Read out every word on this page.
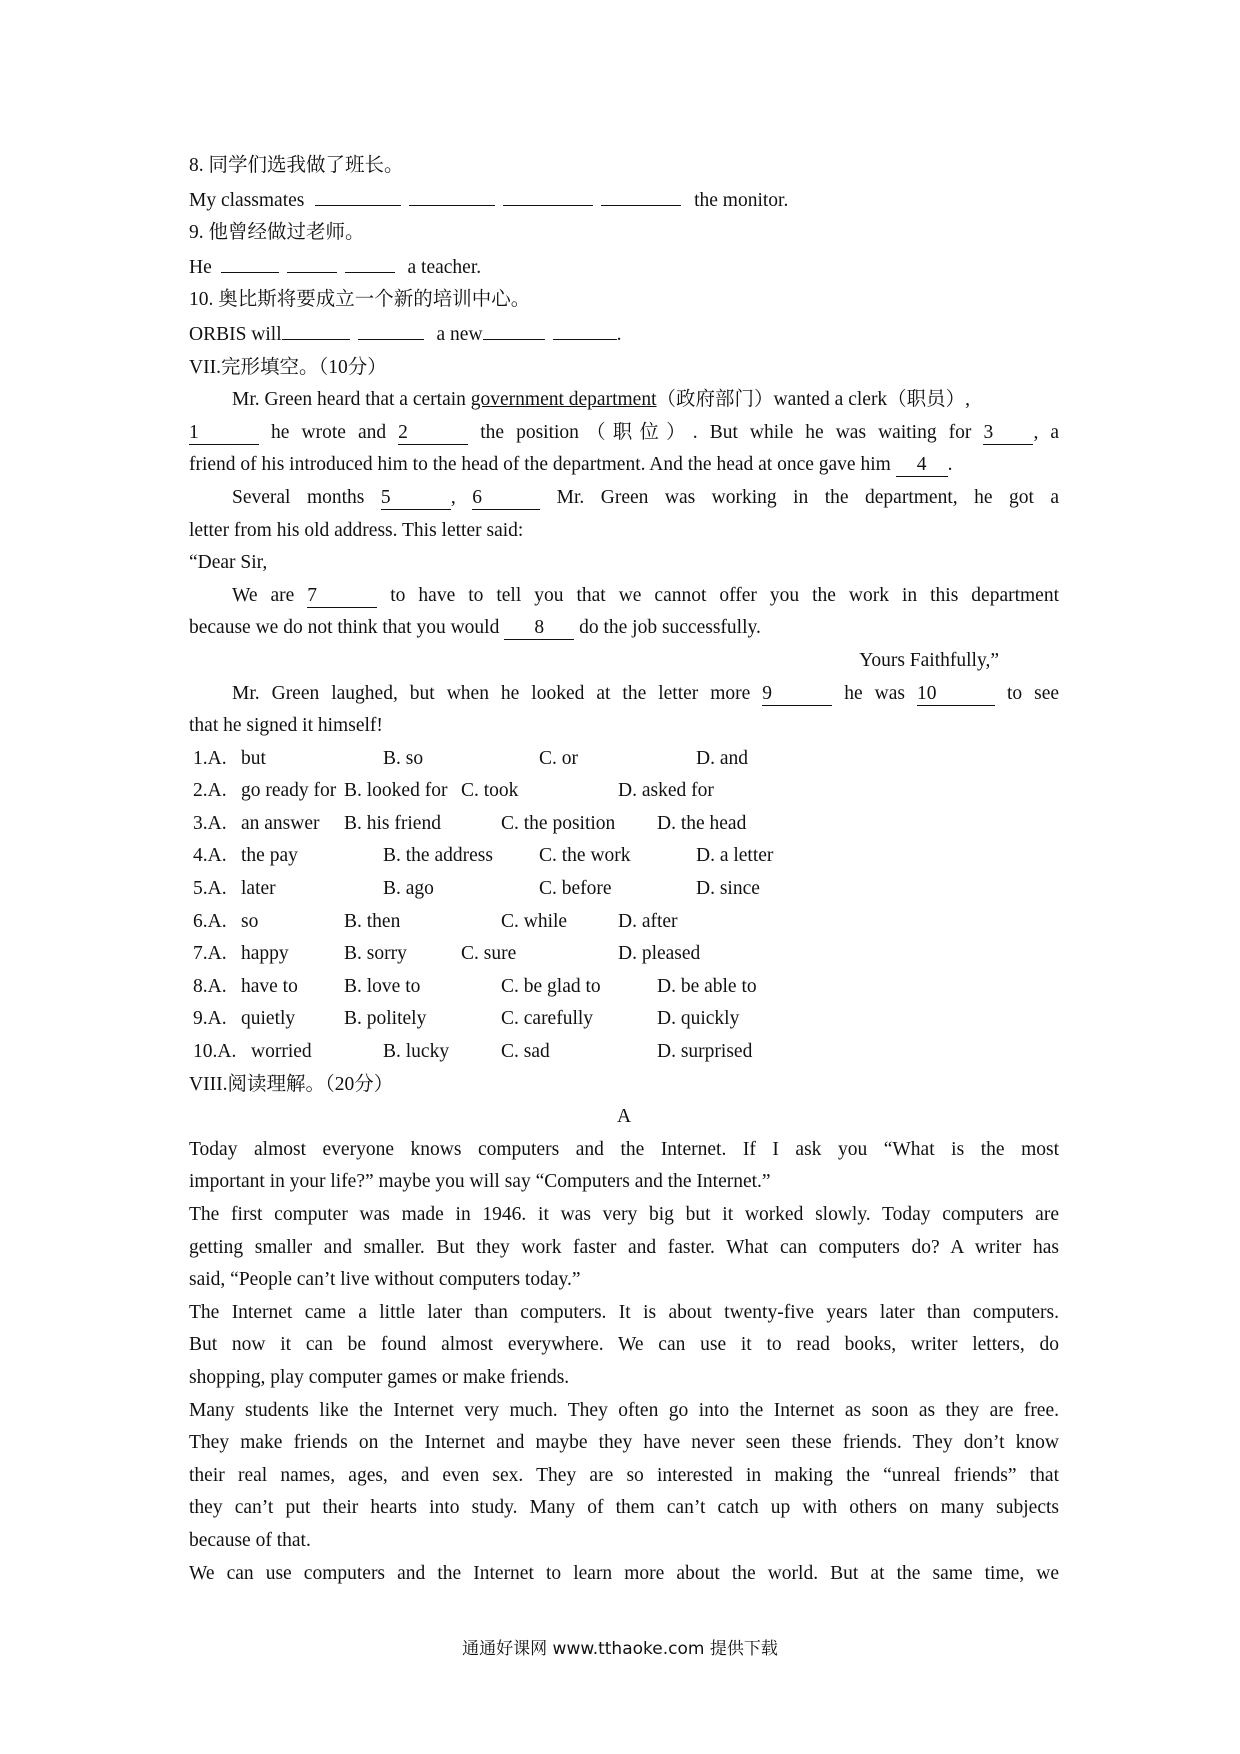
8. 同学们选我做了班长。
My classmates	the monitor.
9. 他曾经做过老师。
He	a teacher.
10. 奥比斯将要成立一个新的培训中心。
ORBIS will	a new	.
VII.完形填空。（10分）
Mr. Green heard that a certain government department（政府部门）wanted a clerk（职员）,
1	he wrote and 2	the position（职位）. But while he was waiting for 3 , a
friend of his introduced him to the head of the department. And the head at once gave him 4 .
Several months 5	, 6	Mr. Green was working in the department, he got a
letter from his old address. This letter said:
“Dear Sir,
We are 7	to have to tell you that we cannot offer you the work in this department
because we do not think that you would 8 do the job successfully.
Yours Faithfully,”
Mr. Green laughed, but when he looked at the letter more 9	he was 10	to see
that he signed it himself!
1.A. but	B. so	C. or	D. and
2.A. go ready for B. looked for C. took	D. asked for
3.A. an answer B. his friend	C. the position D. the head
4.A. the pay	B. the address C. the work	D. a letter
5.A. later	B. ago	C. before	D. since
6.A. so	B. then	C. while	D. after
7.A. happy	B. sorry	C. sure	D. pleased
8.A. have to B. love to	C. be glad to	D. be able to
9.A. quietly	B. politely	C. carefully	D. quickly
10.A. worried	B. lucky	C. sad	D. surprised
VIII.阅读理解。（20分）
A
Today almost everyone knows computers and the Internet. If I ask you “What is the most
important in your life?” maybe you will say “Computers and the Internet.”
The first computer was made in 1946. it was very big but it worked slowly. Today computers are
getting smaller and smaller. But they work faster and faster. What can computers do? A writer has
said, “People can’t live without computers today.”
The Internet came a little later than computers. It is about twenty-five years later than computers.
But now it can be found almost everywhere. We can use it to read books, writer letters, do
shopping, play computer games or make friends.
Many students like the Internet very much. They often go into the Internet as soon as they are free.
They make friends on the Internet and maybe they have never seen these friends. They don’t know
their real names, ages, and even sex. They are so interested in making the “unreal friends” that
they can’t put their hearts into study. Many of them can’t catch up with others on many subjects
because of that.
We can use computers and the Internet to learn more about the world. But at the same time, we
通通好课网 www.tthaoke.com 提供下载
